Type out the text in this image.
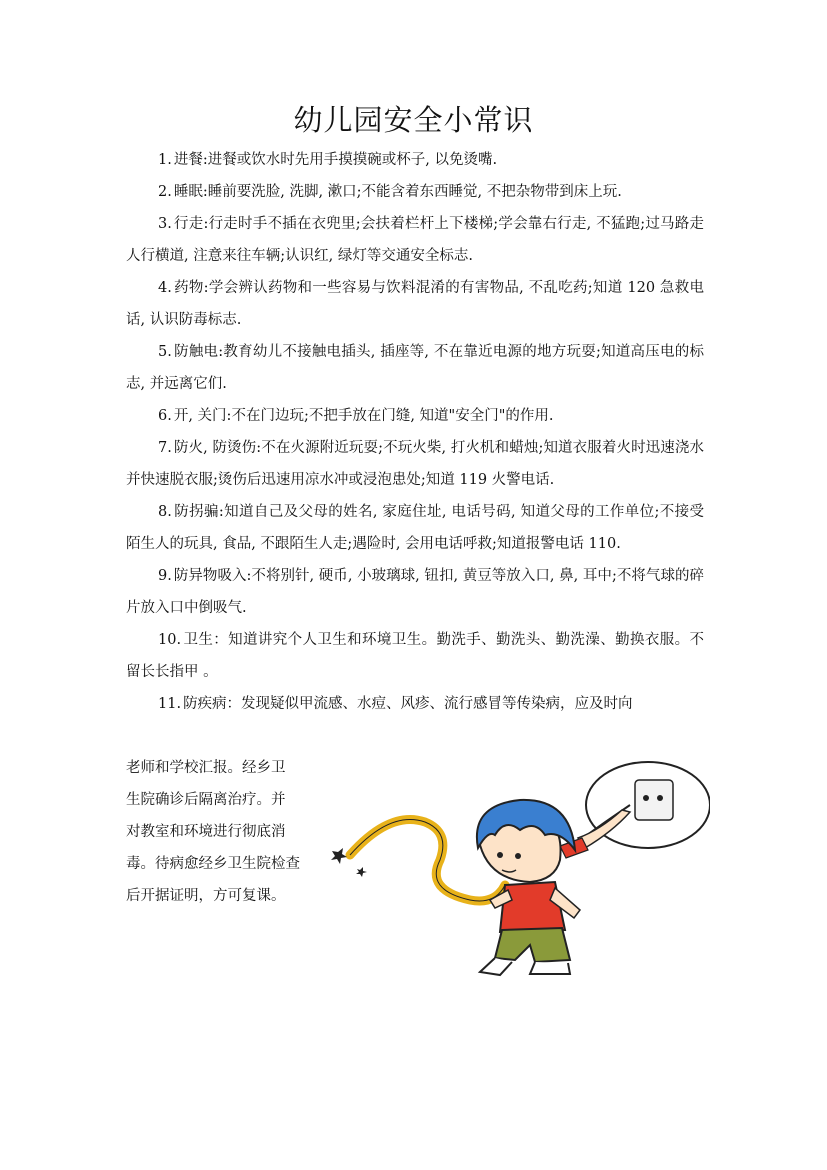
幼儿园安全小常识

1. 进餐:进餐或饮水时先用手摸摸碗或杯子, 以免烫嘴.

2. 睡眠:睡前要洗脸, 洗脚, 漱口;不能含着东西睡觉, 不把杂物带到床上玩.

3. 行走:行走时手不插在衣兜里;会扶着栏杆上下楼梯;学会靠右行走, 不猛跑;过马路走人行横道, 注意来往车辆;认识红, 绿灯等交通安全标志.

4. 药物:学会辨认药物和一些容易与饮料混淆的有害物品, 不乱吃药;知道 120 急救电话, 认识防毒标志.

5. 防触电:教育幼儿不接触电插头, 插座等, 不在靠近电源的地方玩耍;知道高压电的标志, 并远离它们.

6. 开, 关门:不在门边玩;不把手放在门缝, 知道"安全门"的作用.

7. 防火, 防烫伤:不在火源附近玩耍;不玩火柴, 打火机和蜡烛;知道衣服着火时迅速浇水并快速脱衣服;烫伤后迅速用凉水冲或浸泡患处;知道 119 火警电话.

8. 防拐骗:知道自己及父母的姓名, 家庭住址, 电话号码, 知道父母的工作单位;不接受陌生人的玩具, 食品, 不跟陌生人走;遇险时, 会用电话呼救;知道报警电话 110.

9. 防异物吸入:不将别针, 硬币, 小玻璃球, 钮扣, 黄豆等放入口, 鼻, 耳中;不将气球的碎片放入口中倒吸气.

10. 卫生：知道讲究个人卫生和环境卫生。勤洗手、勤洗头、勤洗澡、勤换衣服。不留长长指甲 。

11. 防疾病：发现疑似甲流感、水痘、风疹、流行感冒等传染病，应及时向

老师和学校汇报。经乡卫
生院确诊后隔离治疗。并
对教室和环境进行彻底消
毒。待病愈经乡卫生院检查
后开据证明，方可复课。
